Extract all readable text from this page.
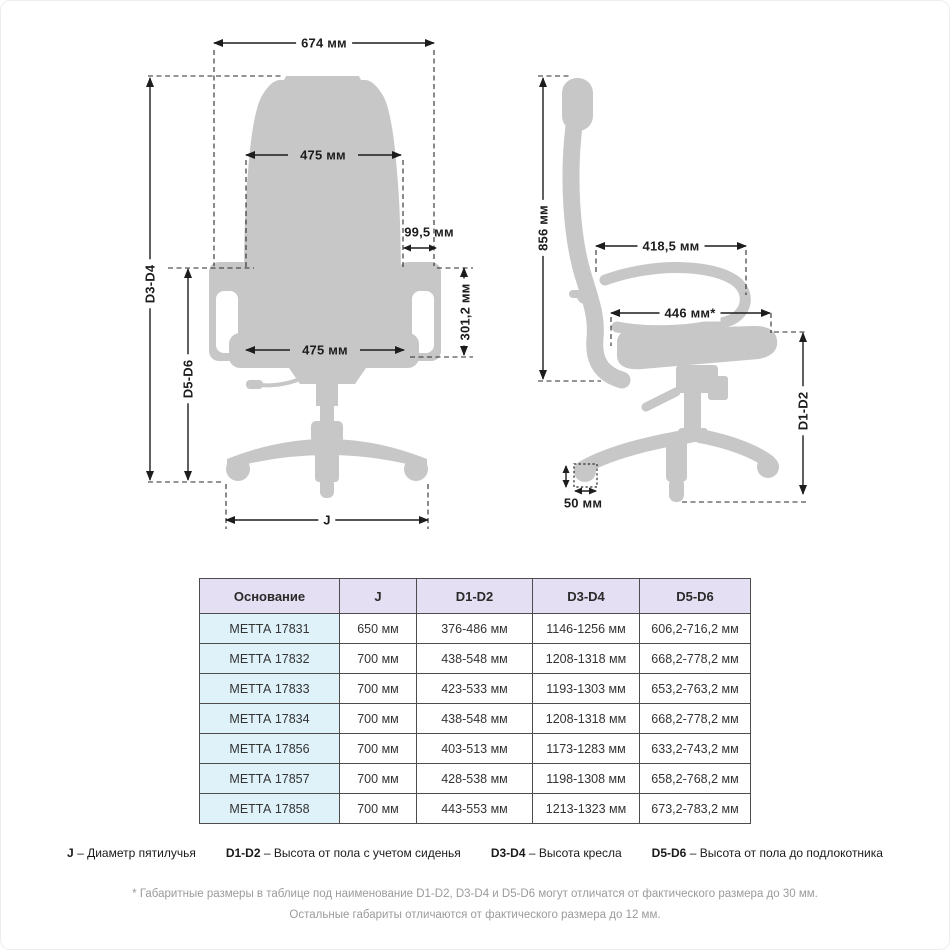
674 мм
475 мм
99,5 мм
301,2 мм
475 мм
D3-D4
D5-D6
J
856 мм	418,5 мм
446 мм*
D1-D2
50 мм
Основание	J	D1-D2	D3-D4	D5-D6
МЕТТА 17831	650 мм	376-486 мм	1146-1256 мм	606,2-716,2 мм
МЕТТА 17832	700 мм	438-548 мм	1208-1318 мм	668,2-778,2 мм
МЕТТА 17833	700 мм	423-533 мм	1193-1303 мм	653,2-763,2 мм
МЕТТА 17834	700 мм	438-548 мм	1208-1318 мм	668,2-778,2 мм
МЕТТА 17856	700 мм	403-513 мм	1173-1283 мм	633,2-743,2 мм
МЕТТА 17857	700 мм	428-538 мм	1198-1308 мм	658,2-768,2 мм
МЕТТА 17858	700 мм	443-553 мм	1213-1323 мм	673,2-783,2 мм
J – Диаметр пятилучья	D1-D2 – Высота от пола с учетом сиденья	D3-D4 – Высота кресла	D5-D6 – Высота от пола до подлокотника
* Габаритные размеры в таблице под наименование D1-D2, D3-D4 и D5-D6 могут отличатся от фактического размера до 30 мм.
Остальные габариты отличаются от фактического размера до 12 мм.
